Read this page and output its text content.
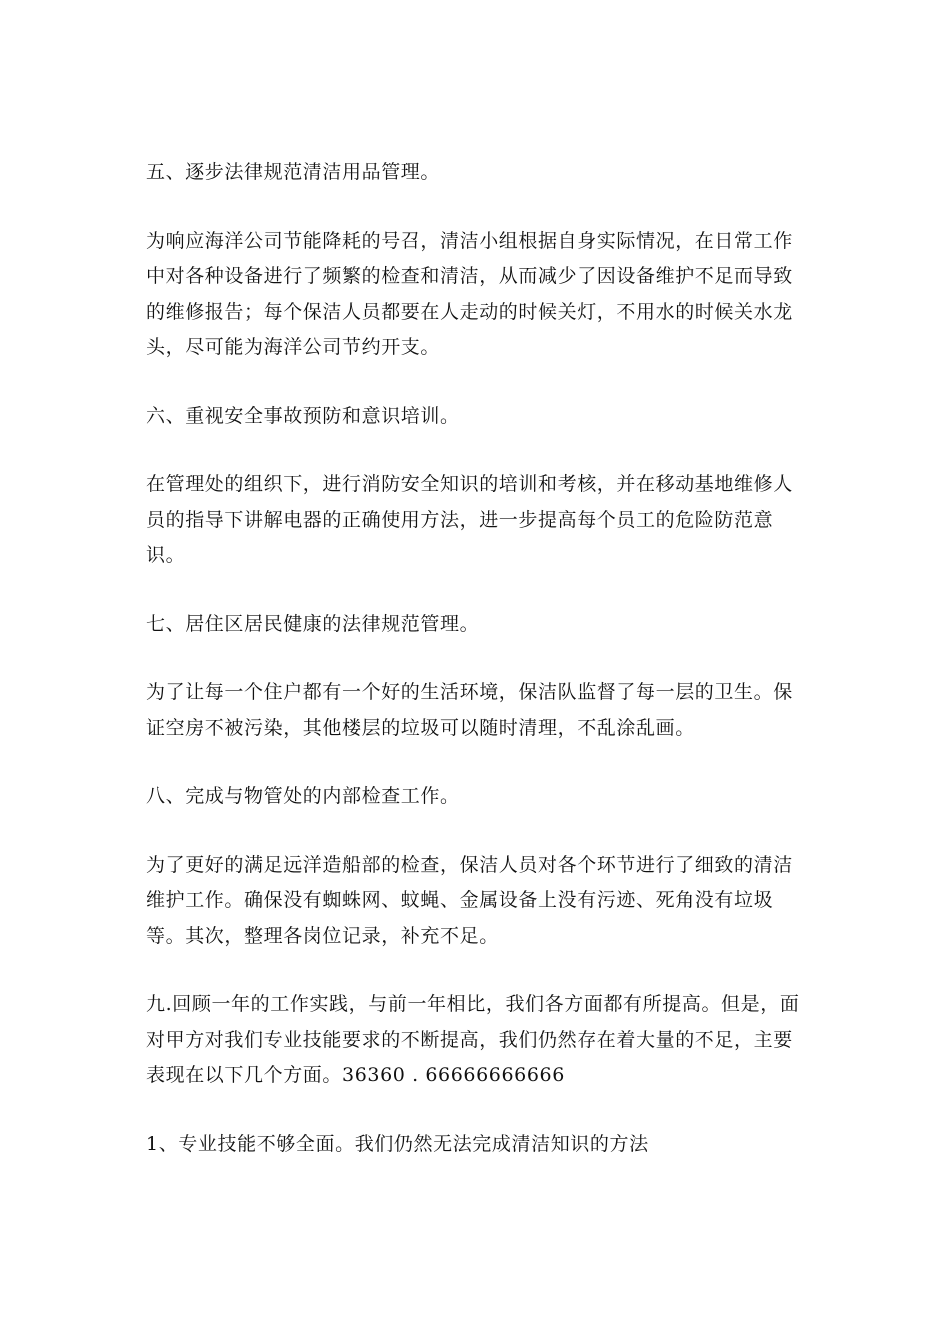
五、逐步法律规范清洁用品管理。

为响应海洋公司节能降耗的号召，清洁小组根据自身实际情况，在日常工作中对各种设备进行了频繁的检查和清洁，从而减少了因设备维护不足而导致的维修报告；每个保洁人员都要在人走动的时候关灯，不用水的时候关水龙头，尽可能为海洋公司节约开支。

六、重视安全事故预防和意识培训。

在管理处的组织下，进行消防安全知识的培训和考核，并在移动基地维修人员的指导下讲解电器的正确使用方法，进一步提高每个员工的危险防范意识。

七、居住区居民健康的法律规范管理。

为了让每一个住户都有一个好的生活环境，保洁队监督了每一层的卫生。保证空房不被污染，其他楼层的垃圾可以随时清理，不乱涂乱画。

八、完成与物管处的内部检查工作。

为了更好的满足远洋造船部的检查，保洁人员对各个环节进行了细致的清洁维护工作。确保没有蜘蛛网、蚊蝇、金属设备上没有污迹、死角没有垃圾等。其次，整理各岗位记录，补充不足。

九.回顾一年的工作实践，与前一年相比，我们各方面都有所提高。但是，面对甲方对我们专业技能要求的不断提高，我们仍然存在着大量的不足，主要表现在以下几个方面。36360 . 66666666666

1、专业技能不够全面。我们仍然无法完成清洁知识的方法
